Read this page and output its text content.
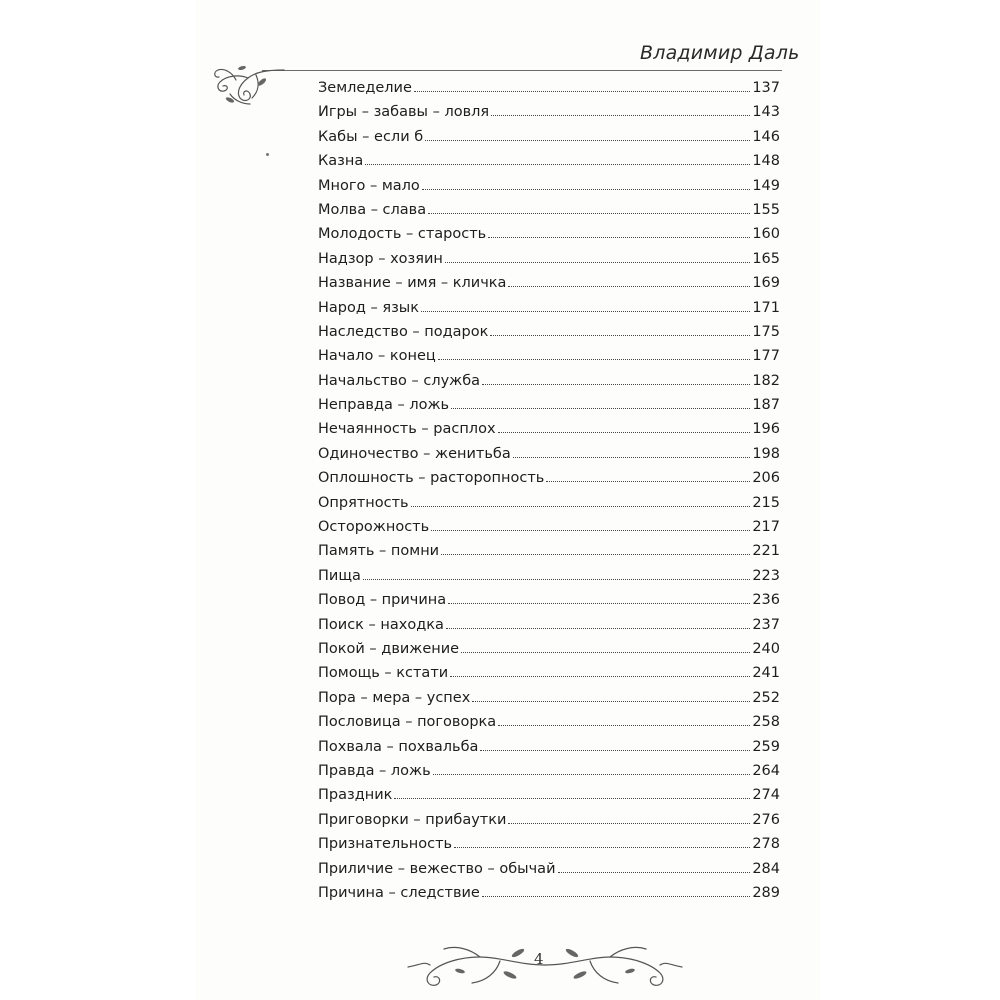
Владимир Даль
Земледелие	137
Игры – забавы – ловля	143
Кабы – если б	146
Казна	148
Много – мало	149
Молва – слава	155
Молодость – старость	160
Надзор – хозяин	165
Название – имя – кличка	169
Народ – язык	171
Наследство – подарок	175
Начало – конец	177
Начальство – служба	182
Неправда – ложь	187
Нечаянность – расплох	196
Одиночество – женитьба	198
Оплошность – расторопность	206
Опрятность	215
Осторожность	217
Память – помни	221
Пища	223
Повод – причина	236
Поиск – находка	237
Покой – движение	240
Помощь – кстати	241
Пора – мера – успех	252
Пословица – поговорка	258
Похвала – похвальба	259
Правда – ложь	264
Праздник	274
Приговорки – прибаутки	276
Признательность	278
Приличие – вежество – обычай	284
Причина – следствие	289
4
